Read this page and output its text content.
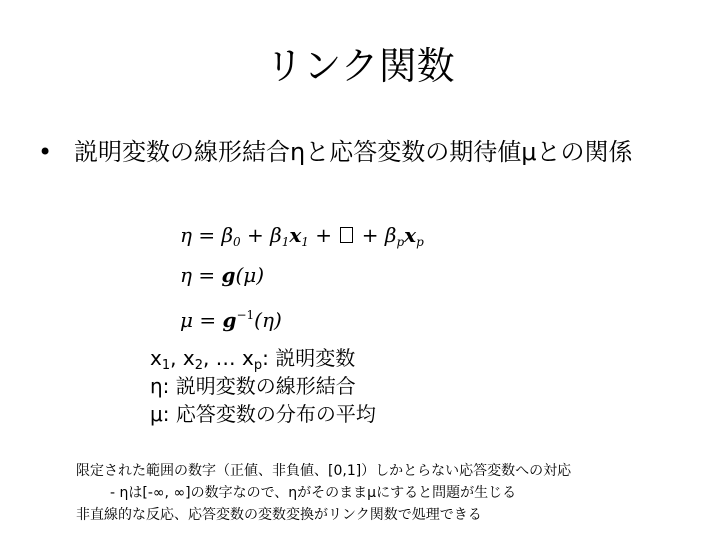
リンク関数
• 説明変数の線形結合ηと応答変数の期待値μとの関係
$\eta = \beta_0 + \beta_1x_1$ +  + $\beta_px_p$
η = g(μ)
$\mu = g^{-1}(\eta)$
$x_1$, $x_2$, … $x_p$: 説明変数
η: 説明変数の線形結合
μ: 応答変数の分布の平均
限定された範囲の数字（正値、非負値、[0,1]）しかとらない応答変数への対応
- ηは[-∞, ∞]の数字なので、ηがそのままμにすると問題が生じる
非直線的な反応、応答変数の変数変換がリンク関数で処理できる
